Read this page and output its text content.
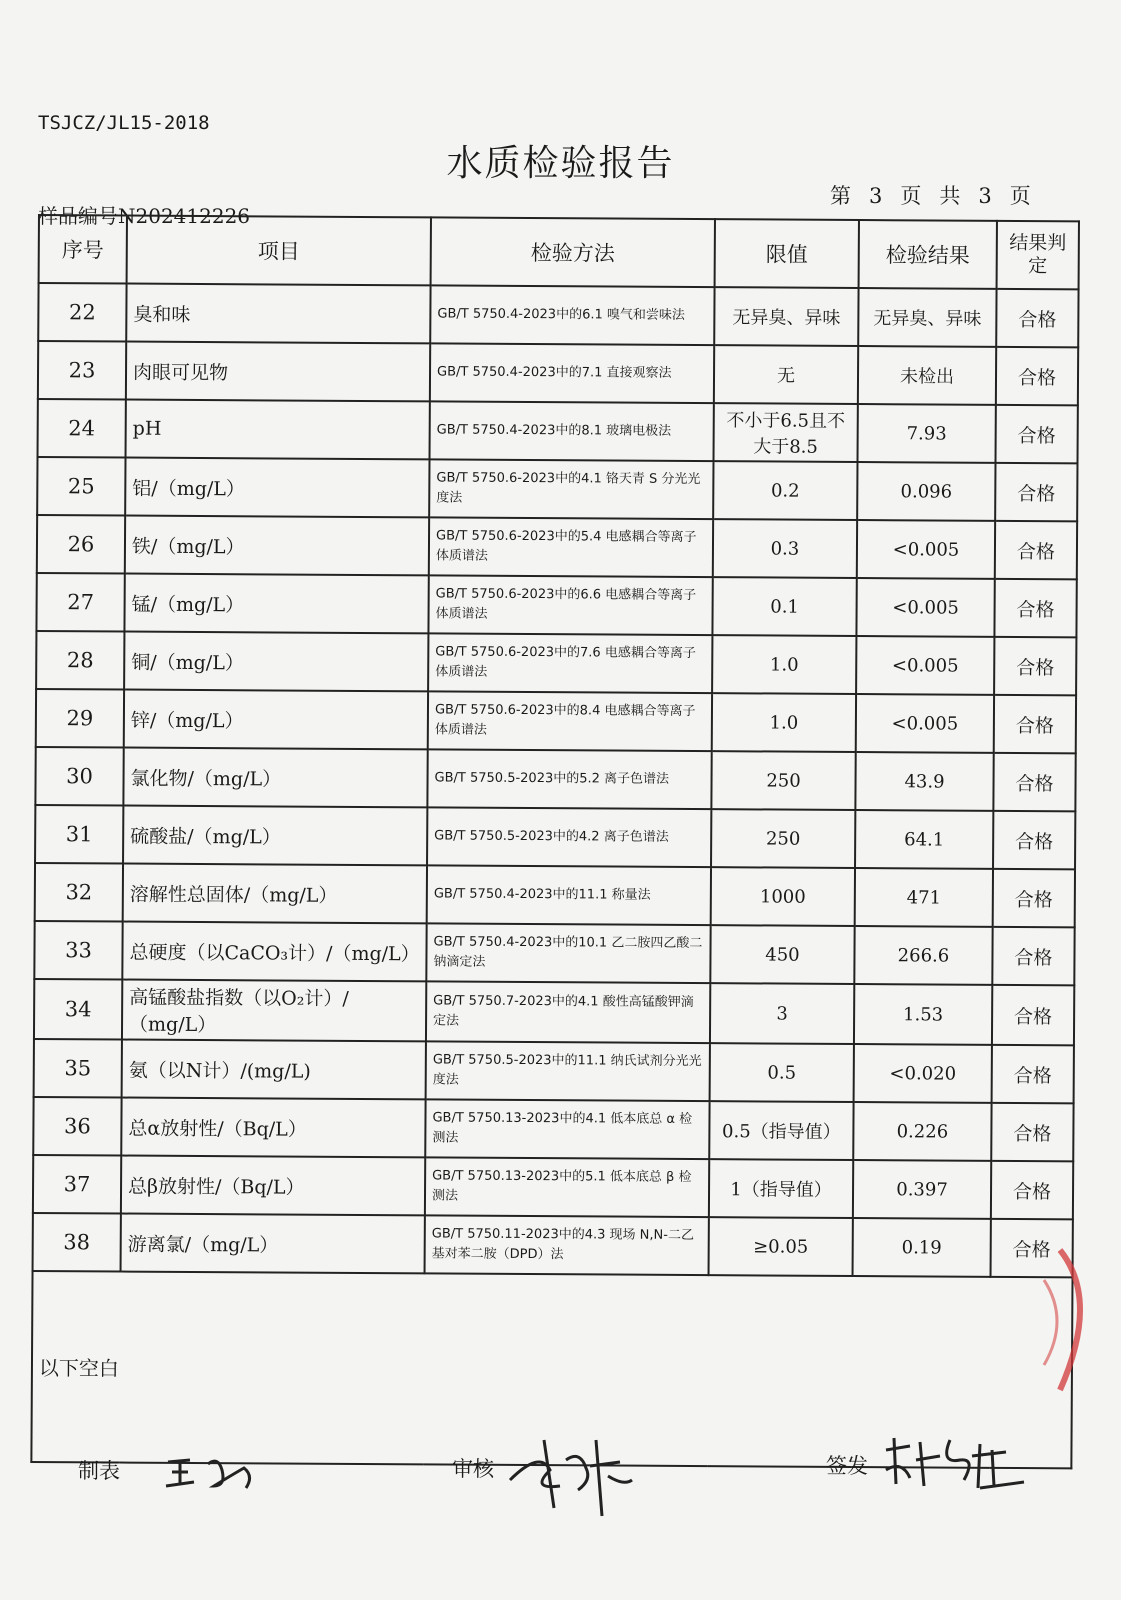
TSJCZ/JL15-2018
水质检验报告
第 3 页 共 3 页
样品编号N202412226
序号	项目	检验方法	限值	检验结果	结果判定
22	臭和味	GB/T 5750.4-2023中的6.1 嗅气和尝味法	无异臭、异味	无异臭、异味	合格
23	肉眼可见物	GB/T 5750.4-2023中的7.1 直接观察法	无	未检出	合格
24	pH	GB/T 5750.4-2023中的8.1 玻璃电极法	不小于6.5且不大于8.5	7.93	合格
25	铝/（mg/L）	GB/T 5750.6-2023中的4.1 铬天青 S 分光光度法	0.2	0.096	合格
26	铁/（mg/L）	GB/T 5750.6-2023中的5.4 电感耦合等离子体质谱法	0.3	<0.005	合格
27	锰/（mg/L）	GB/T 5750.6-2023中的6.6 电感耦合等离子体质谱法	0.1	<0.005	合格
28	铜/（mg/L）	GB/T 5750.6-2023中的7.6 电感耦合等离子体质谱法	1.0	<0.005	合格
29	锌/（mg/L）	GB/T 5750.6-2023中的8.4 电感耦合等离子体质谱法	1.0	<0.005	合格
30	氯化物/（mg/L）	GB/T 5750.5-2023中的5.2 离子色谱法	250	43.9	合格
31	硫酸盐/（mg/L）	GB/T 5750.5-2023中的4.2 离子色谱法	250	64.1	合格
32	溶解性总固体/（mg/L）	GB/T 5750.4-2023中的11.1 称量法	1000	471	合格
33	总硬度（以CaCO₃计）/（mg/L）	GB/T 5750.4-2023中的10.1 乙二胺四乙酸二钠滴定法	450	266.6	合格
34	高锰酸盐指数（以O₂计）/（mg/L）	GB/T 5750.7-2023中的4.1 酸性高锰酸钾滴定法	3	1.53	合格
35	氨（以N计）/(mg/L)	GB/T 5750.5-2023中的11.1 纳氏试剂分光光度法	0.5	<0.020	合格
36	总α放射性/（Bq/L）	GB/T 5750.13-2023中的4.1 低本底总 α 检测法	0.5（指导值）	0.226	合格
37	总β放射性/（Bq/L）	GB/T 5750.13-2023中的5.1 低本底总 β 检测法	1（指导值）	0.397	合格
38	游离氯/（mg/L）	GB/T 5750.11-2023中的4.3 现场 N,N-二乙基对苯二胺（DPD）法	≥0.05	0.19	合格
以下空白					
制表	审核	签发
